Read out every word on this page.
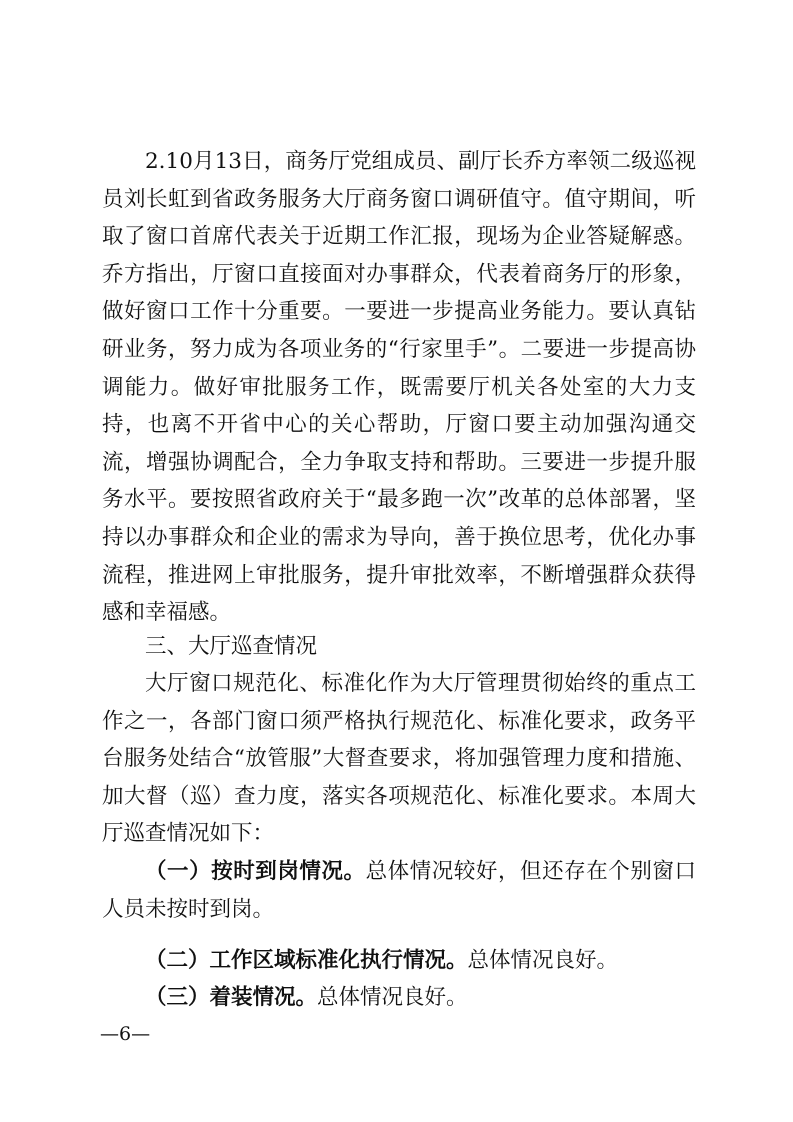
2.10月13日，商务厅党组成员、副厅长乔方率领二级巡视员刘长虹到省政务服务大厅商务窗口调研值守。值守期间，听取了窗口首席代表关于近期工作汇报，现场为企业答疑解惑。乔方指出，厅窗口直接面对办事群众，代表着商务厅的形象，做好窗口工作十分重要。一要进一步提高业务能力。要认真钻研业务，努力成为各项业务的“行家里手”。二要进一步提高协调能力。做好审批服务工作，既需要厅机关各处室的大力支持，也离不开省中心的关心帮助，厅窗口要主动加强沟通交流，增强协调配合，全力争取支持和帮助。三要进一步提升服务水平。要按照省政府关于“最多跑一次”改革的总体部署，坚持以办事群众和企业的需求为导向，善于换位思考，优化办事流程，推进网上审批服务，提升审批效率，不断增强群众获得感和幸福感。

三、大厅巡查情况

大厅窗口规范化、标准化作为大厅管理贯彻始终的重点工作之一，各部门窗口须严格执行规范化、标准化要求，政务平台服务处结合“放管服”大督查要求，将加强管理力度和措施、加大督（巡）查力度，落实各项规范化、标准化要求。本周大厅巡查情况如下：

（一）按时到岗情况。总体情况较好，但还存在个别窗口人员未按时到岗。

（二）工作区域标准化执行情况。总体情况良好。

（三）着装情况。总体情况良好。

—6—
